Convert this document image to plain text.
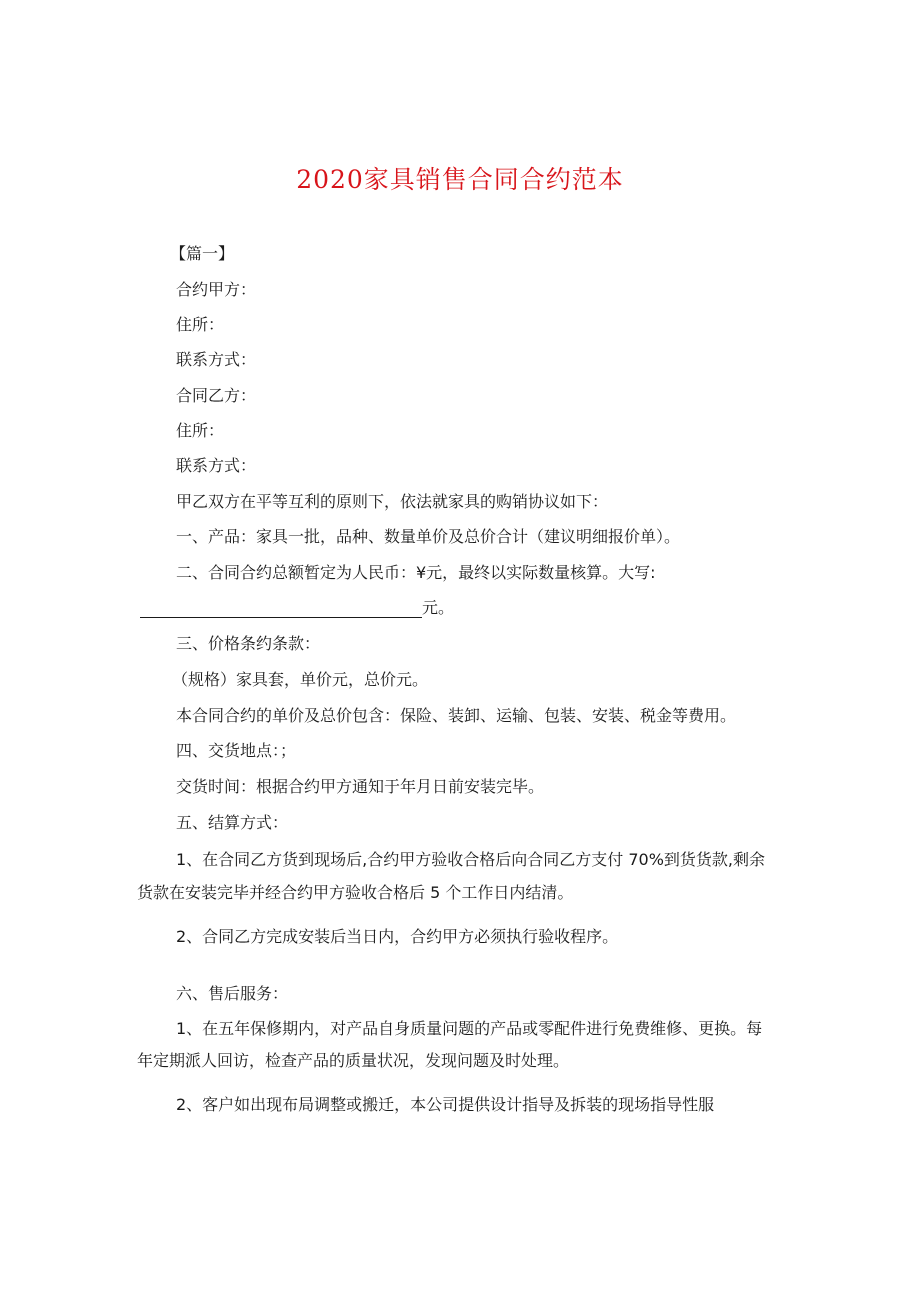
2020家具销售合同合约范本
【篇一】
合约甲方：
住所：
联系方式：
合同乙方：
住所：
联系方式：
甲乙双方在平等互利的原则下，依法就家具的购销协议如下：
一、产品：家具一批，品种、数量单价及总价合计（建议明细报价单）。
二、合同合约总额暂定为人民币：¥元，最终以实际数量核算。大写:
元。
三、价格条约条款：
（规格）家具套，单价元，总价元。
本合同合约的单价及总价包含：保险、装卸、运输、包装、安装、税金等费用。
四、交货地点：；
交货时间：根据合约甲方通知于年月日前安装完毕。
五、结算方式：
1、在合同乙方货到现场后,合约甲方验收合格后向合同乙方支付 70%到货货款,剩余
货款在安装完毕并经合约甲方验收合格后 5 个工作日内结清。
2、合同乙方完成安装后当日内，合约甲方必须执行验收程序。
六、售后服务：
1、在五年保修期内，对产品自身质量问题的产品或零配件进行免费维修、更换。每
年定期派人回访，检查产品的质量状况，发现问题及时处理。
2、客户如出现布局调整或搬迁，本公司提供设计指导及拆装的现场指导性服
